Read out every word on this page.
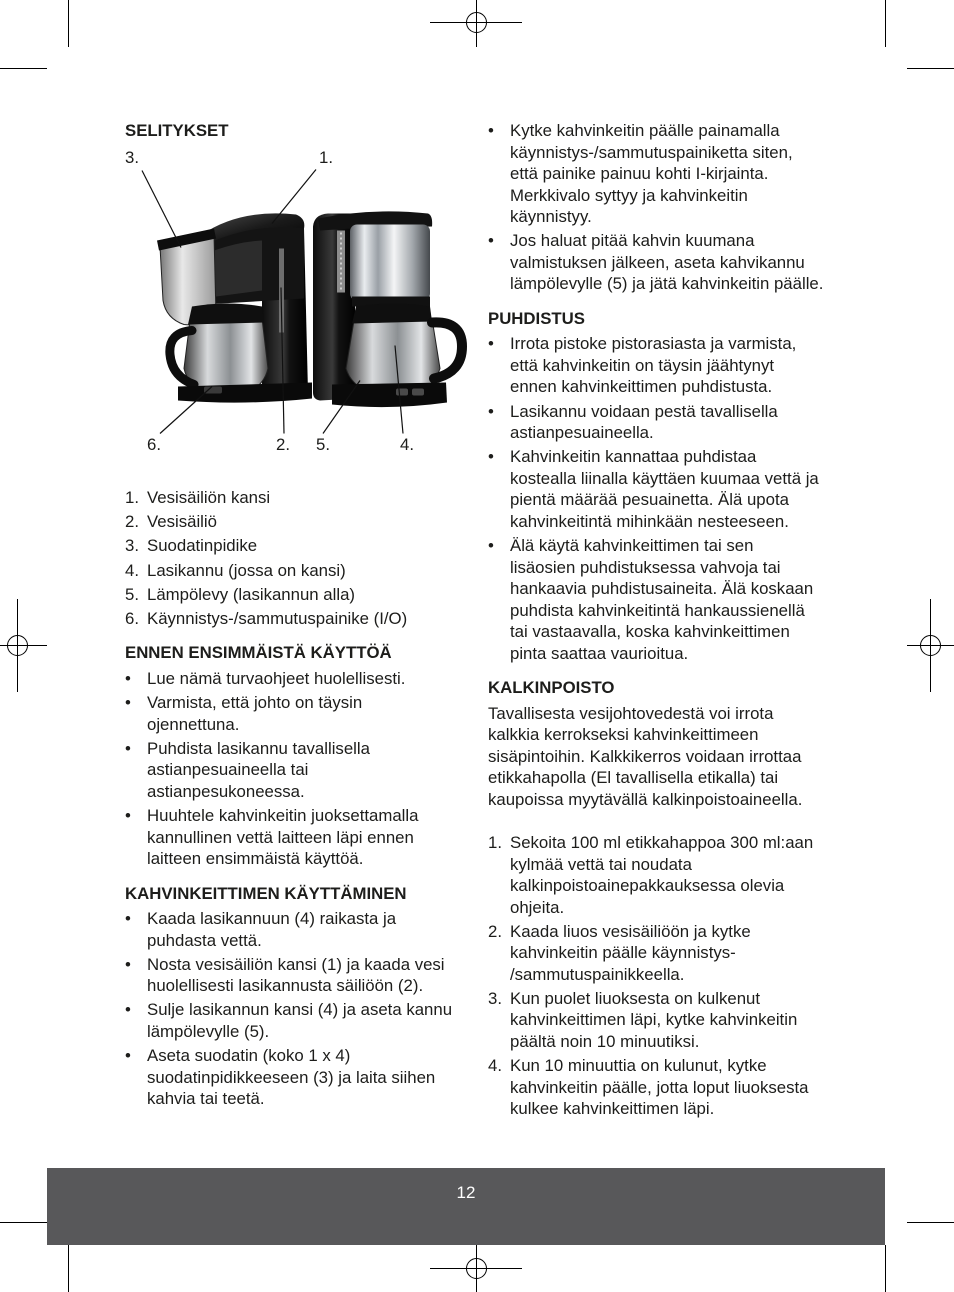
SELITYKSET
3.	1.
6.	2. 5.	4.
1. Vesisäiliön kansi
2. Vesisäiliö
3. Suodatinpidike
4. Lasikannu (jossa on kansi)
5. Lämpölevy (lasikannun alla)
6. Käynnistys-/sammutuspainike (I/O)
ENNEN ENSIMMÄISTÄ KÄYTTÖÄ
• Lue nämä turvaohjeet huolellisesti.
• Varmista, että johto on täysin
ojennettuna.
• Puhdista lasikannu tavallisella
astianpesuaineella tai
astianpesukoneessa.
• Huuhtele kahvinkeitin juoksettamalla
kannullinen vettä laitteen läpi ennen
laitteen ensimmäistä käyttöä.
KAHVINKEITTIMEN KÄYTTÄMINEN
• Kaada lasikannuun (4) raikasta ja
puhdasta vettä.
• Nosta vesisäiliön kansi (1) ja kaada vesi
huolellisesti lasikannusta säiliöön (2).
• Sulje lasikannun kansi (4) ja aseta kannu
lämpölevylle (5).
• Aseta suodatin (koko 1 x 4)
suodatinpidikkeeseen (3) ja laita siihen
kahvia tai teetä.
• Kytke kahvinkeitin päälle painamalla
käynnistys-/sammutuspainiketta siten,
että painike painuu kohti I-kirjainta.
Merkkivalo syttyy ja kahvinkeitin
käynnistyy.
• Jos haluat pitää kahvin kuumana
valmistuksen jälkeen, aseta kahvikannu
lämpölevylle (5) ja jätä kahvinkeitin päälle.
PUHDISTUS
• Irrota pistoke pistorasiasta ja varmista,
että kahvinkeitin on täysin jäähtynyt
ennen kahvinkeittimen puhdistusta.
• Lasikannu voidaan pestä tavallisella
astianpesuaineella.
• Kahvinkeitin kannattaa puhdistaa
kostealla liinalla käyttäen kuumaa vettä ja
pientä määrää pesuainetta. Älä upota
kahvinkeitintä mihinkään nesteeseen.
• Älä käytä kahvinkeittimen tai sen
lisäosien puhdistuksessa vahvoja tai
hankaavia puhdistusaineita. Älä koskaan
puhdista kahvinkeitintä hankaussienellä
tai vastaavalla, koska kahvinkeittimen
pinta saattaa vaurioitua.
KALKINPOISTO
Tavallisesta vesijohtovedestä voi irrota
kalkkia kerrokseksi kahvinkeittimeen
sisäpintoihin. Kalkkikerros voidaan irrottaa
etikkahapolla (El tavallisella etikalla) tai
kaupoissa myytävällä kalkinpoistoaineella.
1. Sekoita 100 ml etikkahappoa 300 ml:aan
kylmää vettä tai noudata
kalkinpoistoainepakkauksessa olevia
ohjeita.
2. Kaada liuos vesisäiliöön ja kytke
kahvinkeitin päälle käynnistys-
/sammutuspainikkeella.
3. Kun puolet liuoksesta on kulkenut
kahvinkeittimen läpi, kytke kahvinkeitin
päältä noin 10 minuutiksi.
4. Kun 10 minuuttia on kulunut, kytke
kahvinkeitin päälle, jotta loput liuoksesta
kulkee kahvinkeittimen läpi.
12
